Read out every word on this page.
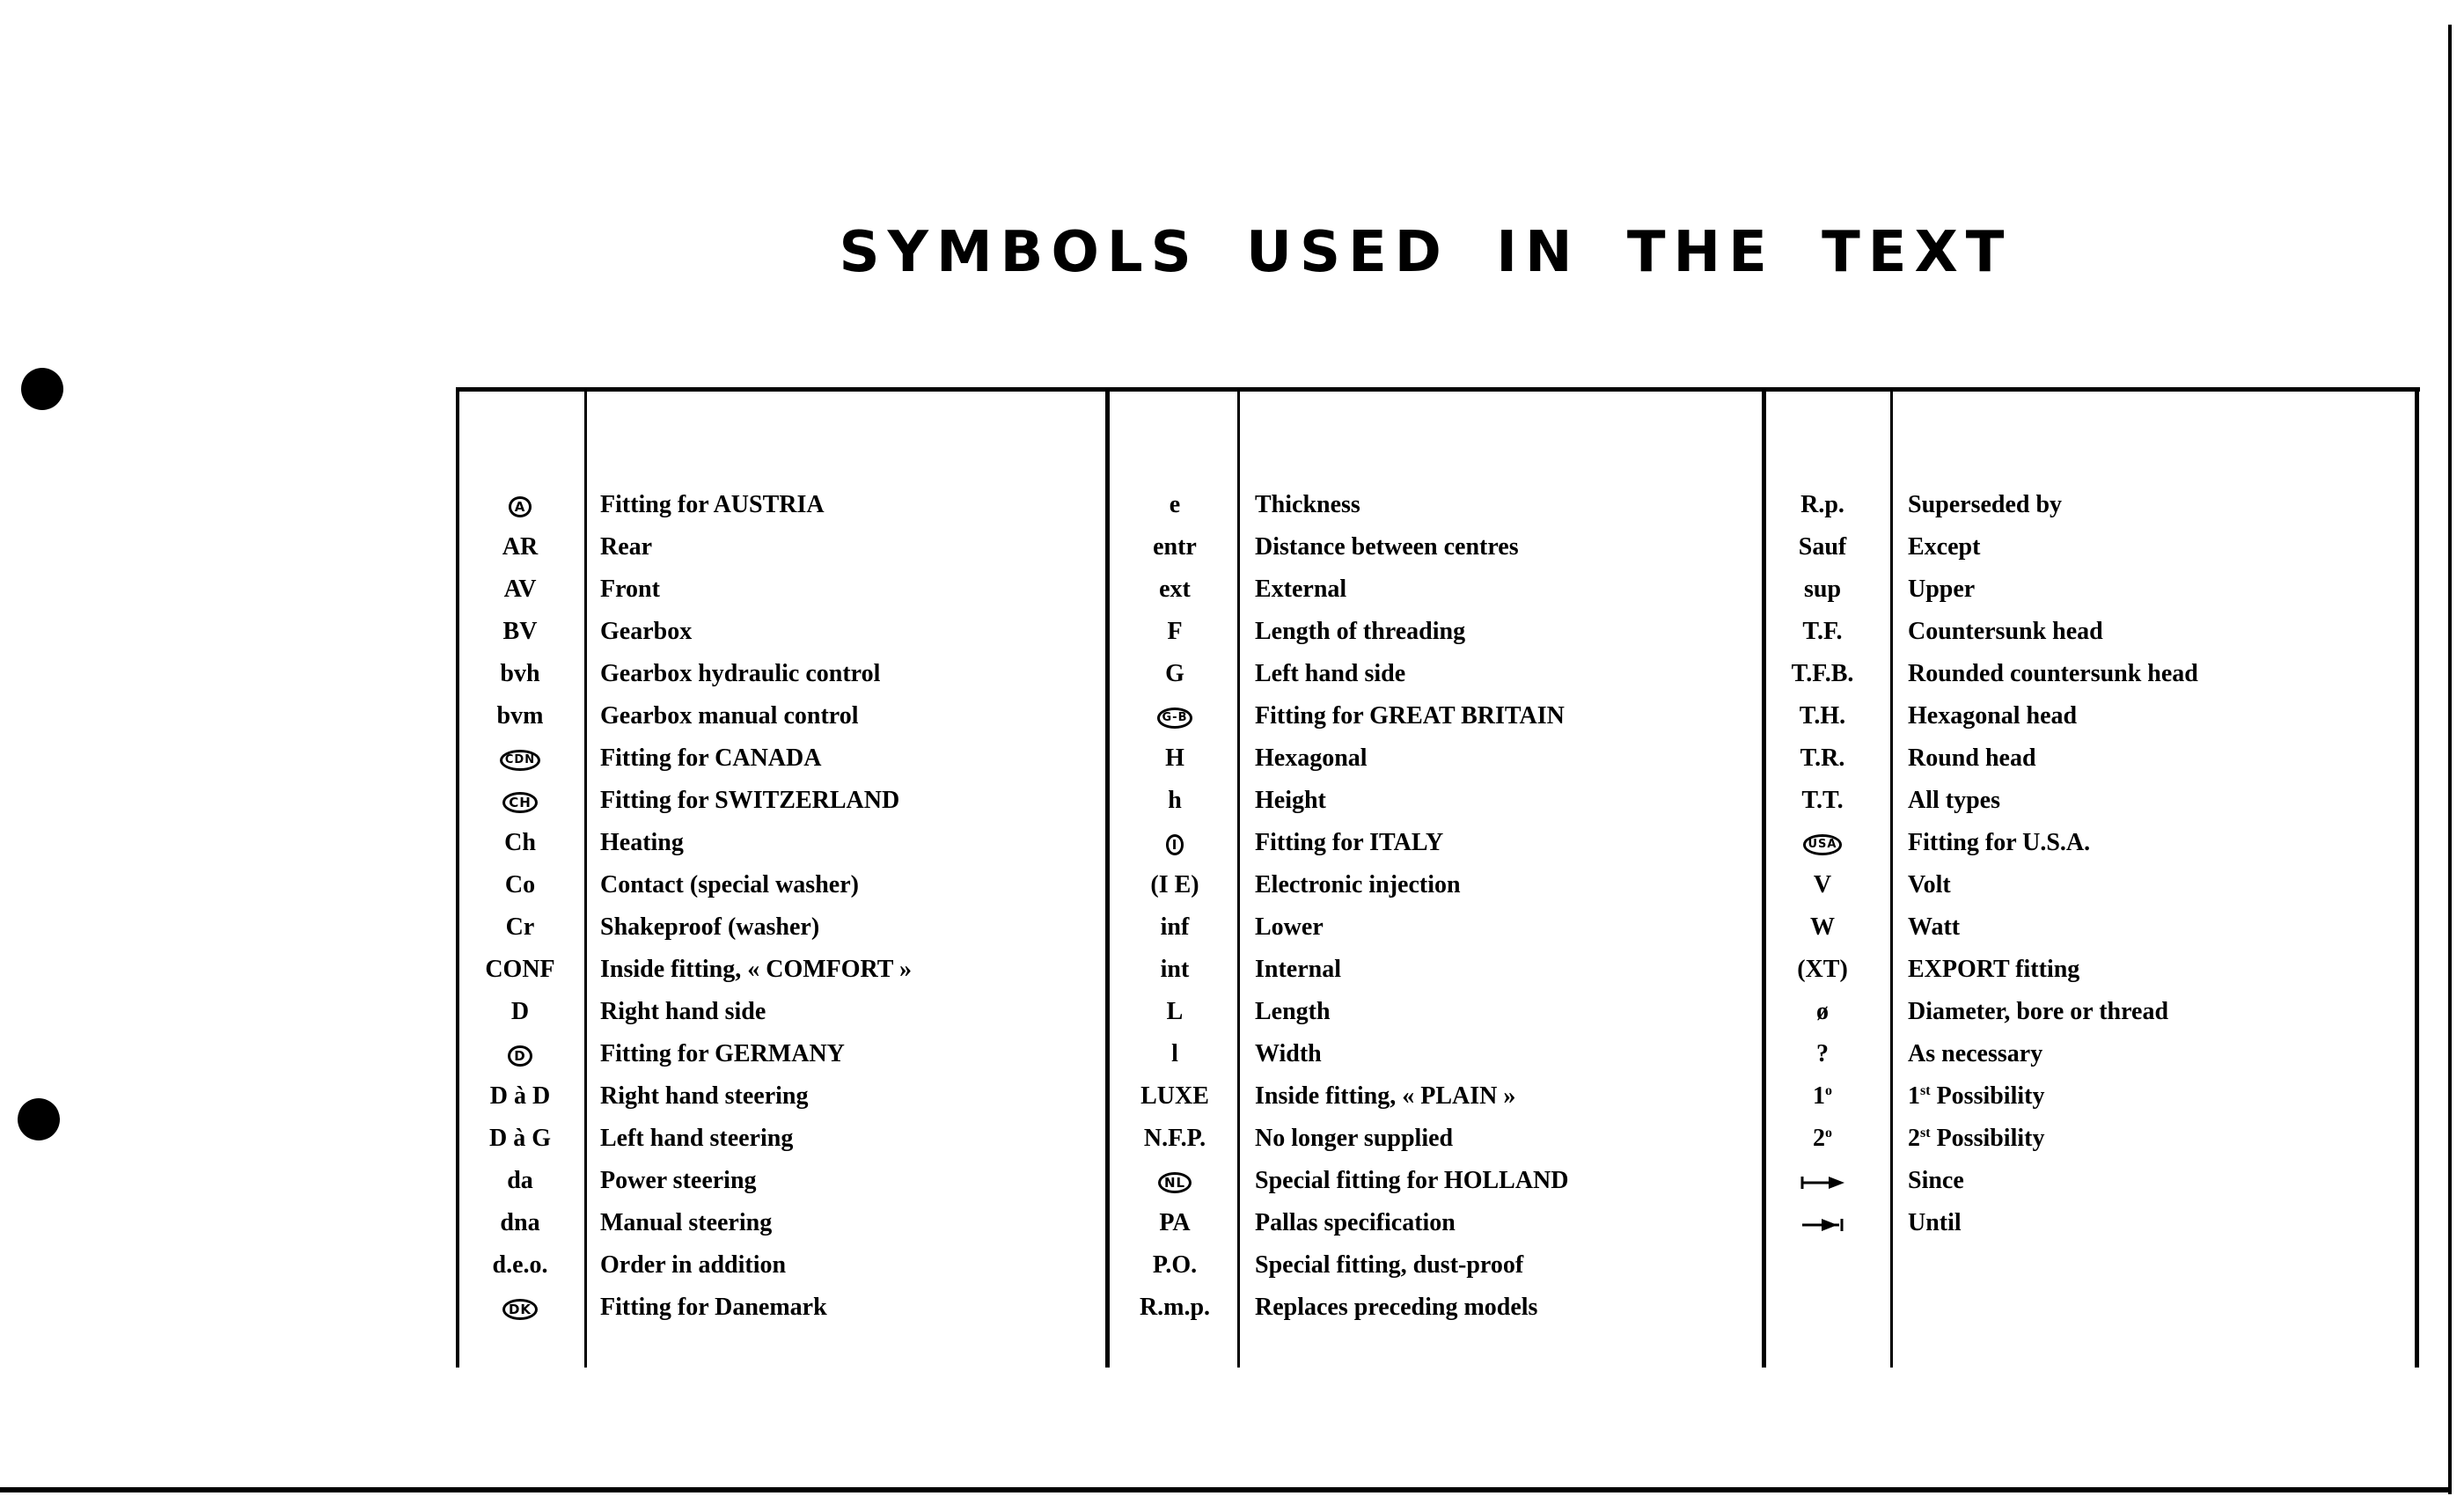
SYMBOLS USED IN THE TEXT
A	Fitting for AUSTRIA
AR	Rear
AV	Front
BV	Gearbox
bvh	Gearbox hydraulic control
bvm	Gearbox manual control
CDN	Fitting for CANADA
CH	Fitting for SWITZERLAND
Ch	Heating
Co	Contact (special washer)
Cr	Shakeproof (washer)
CONF	Inside fitting, « COMFORT »
D	Right hand side
D	Fitting for GERMANY
D à D	Right hand steering
D à G	Left hand steering
da	Power steering
dna	Manual steering
d.e.o.	Order in addition
DK	Fitting for Danemark
e	Thickness
entr	Distance between centres
ext	External
F	Length of threading
G	Left hand side
G-B	Fitting for GREAT BRITAIN
H	Hexagonal
h	Height
I	Fitting for ITALY
(I E)	Electronic injection
inf	Lower
int	Internal
L	Length
l	Width
LUXE	Inside fitting, « PLAIN »
N.F.P.	No longer supplied
NL	Special fitting for HOLLAND
PA	Pallas specification
P.O.	Special fitting, dust-proof
R.m.p.	Replaces preceding models
R.p.	Superseded by
Sauf	Except
sup	Upper
T.F.	Countersunk head
T.F.B.	Rounded countersunk head
T.H.	Hexagonal head
T.R.	Round head
T.T.	All types
USA	Fitting for U.S.A.
V	Volt
W	Watt
(XT)	EXPORT fitting
ø	Diameter, bore or thread
?	As necessary
1$^o$	1st Possibility
2$^o$	2st Possibility
Since
Until
